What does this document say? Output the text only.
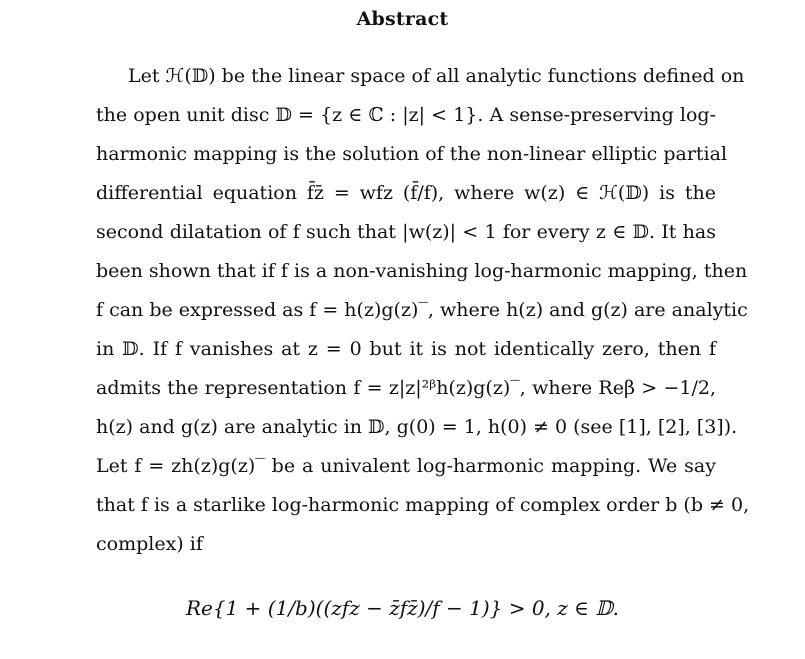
Abstract
Let ℋ(𝔻) be the linear space of all analytic functions defined on
the open unit disc 𝔻 = {z ∈ ℂ : |z| < 1}. A sense-preserving log-
harmonic mapping is the solution of the non-linear elliptic partial
differential equation f̄z̄ = wfz (f̄/f), where w(z) ∈ ℋ(𝔻) is the
second dilatation of f such that |w(z)| < 1 for every z ∈ 𝔻. It has
been shown that if f is a non-vanishing log-harmonic mapping, then
f can be expressed as f = h(z)g(z)‾, where h(z) and g(z) are analytic
in 𝔻. If f vanishes at z = 0 but it is not identically zero, then f
admits the representation f = z|z|²ᵝh(z)g(z)‾, where Reβ > −1/2,
h(z) and g(z) are analytic in 𝔻, g(0) = 1, h(0) ≠ 0 (see [1], [2], [3]).
Let f = zh(z)g(z)‾ be a univalent log-harmonic mapping. We say
that f is a starlike log-harmonic mapping of complex order b (b ≠ 0,
complex) if
Re{1 + (1/b)((zfz − z̄fz̄)/f − 1)} > 0, z ∈ 𝔻.
